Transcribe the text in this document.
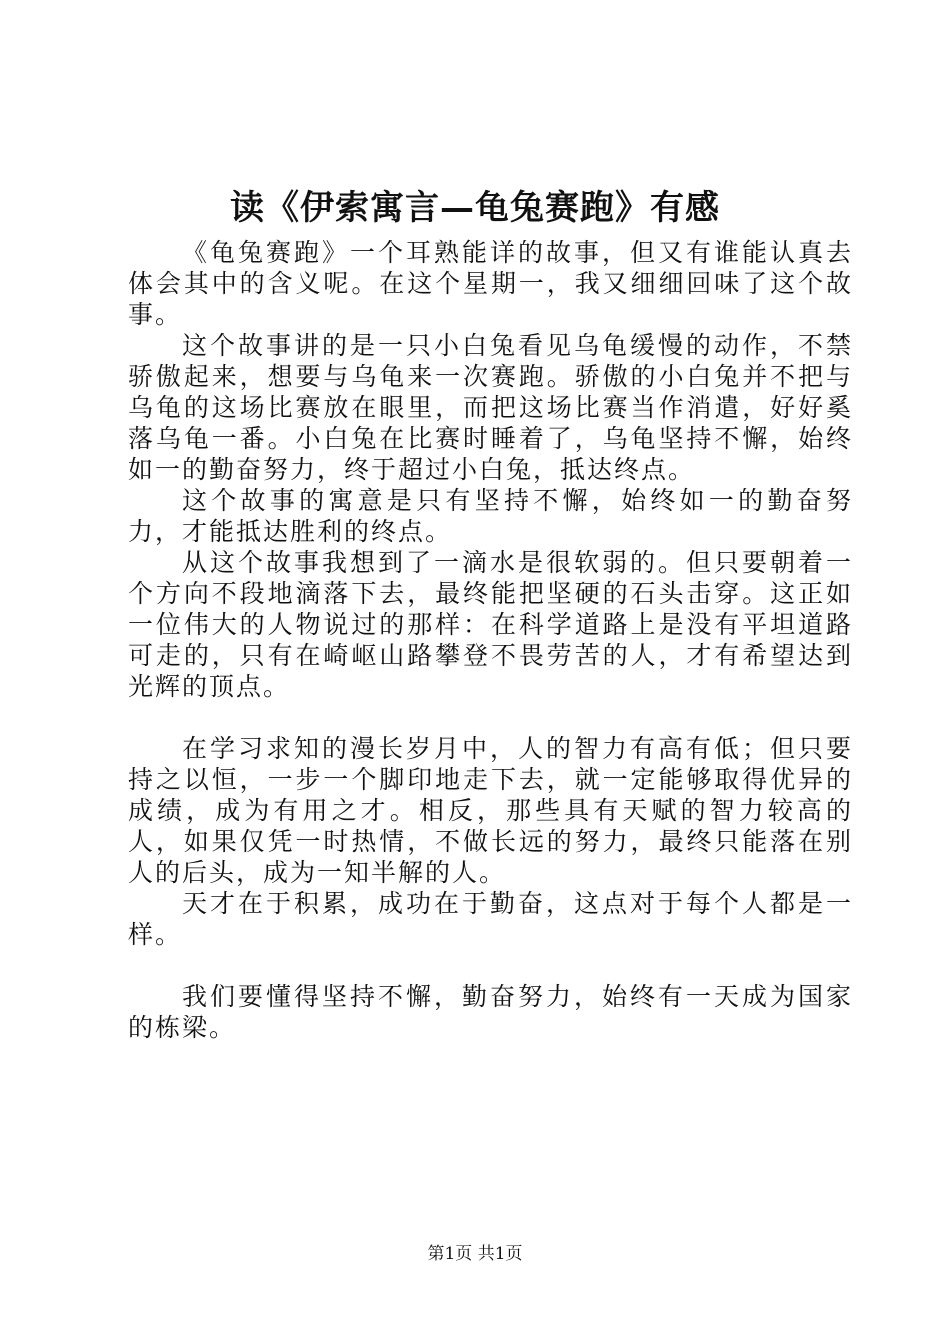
读《伊索寓言—龟兔赛跑》有感

《龟兔赛跑》一个耳熟能详的故事，但又有谁能认真去体会其中的含义呢。在这个星期一，我又细细回味了这个故事。

这个故事讲的是一只小白兔看见乌龟缓慢的动作，不禁骄傲起来，想要与乌龟来一次赛跑。骄傲的小白兔并不把与乌龟的这场比赛放在眼里，而把这场比赛当作消遣，好好奚落乌龟一番。小白兔在比赛时睡着了，乌龟坚持不懈，始终如一的勤奋努力，终于超过小白兔，抵达终点。

这个故事的寓意是只有坚持不懈，始终如一的勤奋努力，才能抵达胜利的终点。

从这个故事我想到了一滴水是很软弱的。但只要朝着一个方向不段地滴落下去，最终能把坚硬的石头击穿。这正如一位伟大的人物说过的那样：在科学道路上是没有平坦道路可走的，只有在崎岖山路攀登不畏劳苦的人，才有希望达到光辉的顶点。

在学习求知的漫长岁月中，人的智力有高有低；但只要持之以恒，一步一个脚印地走下去，就一定能够取得优异的成绩，成为有用之才。相反，那些具有天赋的智力较高的人，如果仅凭一时热情，不做长远的努力，最终只能落在别人的后头，成为一知半解的人。

天才在于积累，成功在于勤奋，这点对于每个人都是一样。

我们要懂得坚持不懈，勤奋努力，始终有一天成为国家的栋梁。

第1页 共1页
